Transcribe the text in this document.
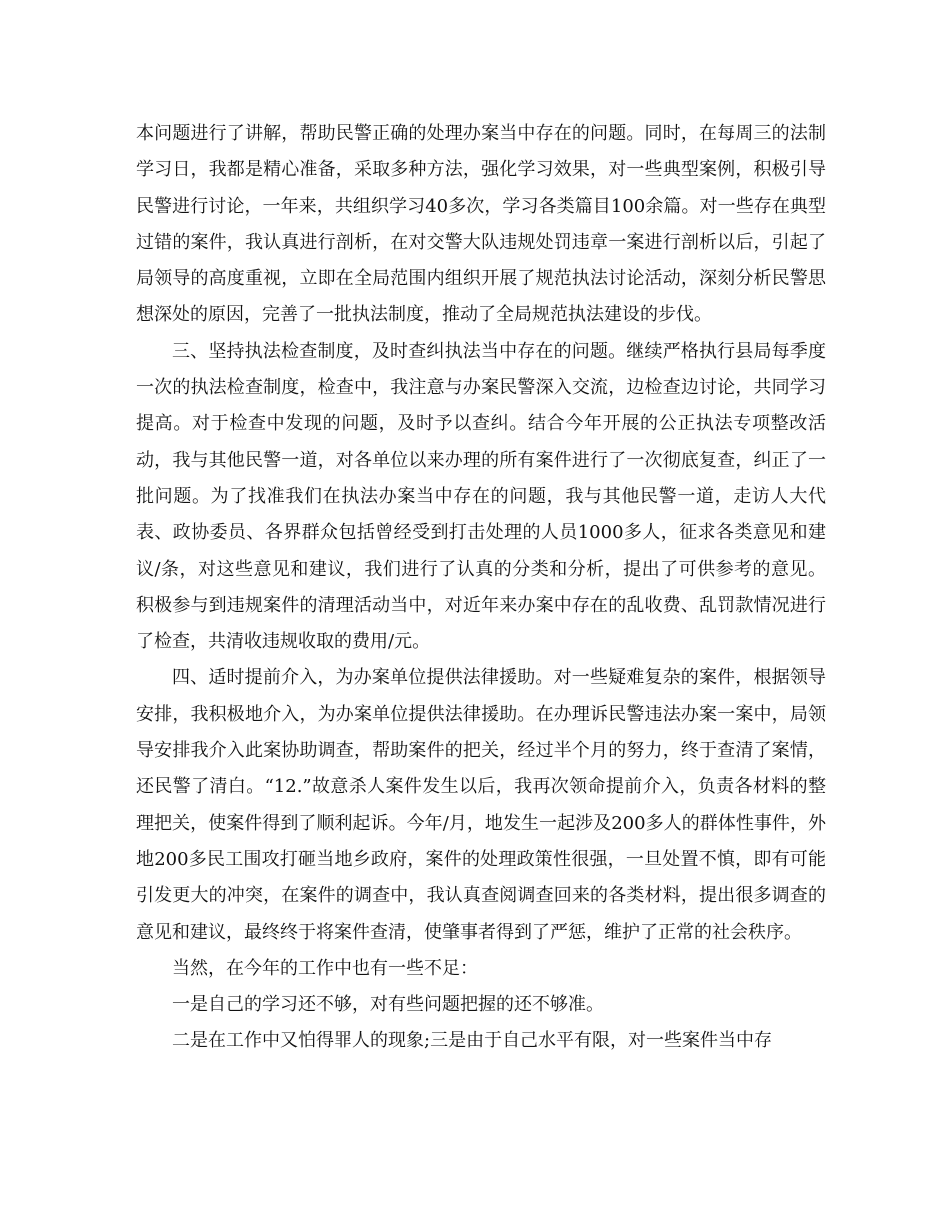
本问题进行了讲解，帮助民警正确的处理办案当中存在的问题。同时，在每周三的法制学习日，我都是精心准备，采取多种方法，强化学习效果，对一些典型案例，积极引导民警进行讨论，一年来，共组织学习40多次，学习各类篇目100余篇。对一些存在典型过错的案件，我认真进行剖析，在对交警大队违规处罚违章一案进行剖析以后，引起了局领导的高度重视，立即在全局范围内组织开展了规范执法讨论活动，深刻分析民警思想深处的原因，完善了一批执法制度，推动了全局规范执法建设的步伐。

三、坚持执法检查制度，及时查纠执法当中存在的问题。继续严格执行县局每季度一次的执法检查制度，检查中，我注意与办案民警深入交流，边检查边讨论，共同学习提高。对于检查中发现的问题，及时予以查纠。结合今年开展的公正执法专项整改活动，我与其他民警一道，对各单位以来办理的所有案件进行了一次彻底复查，纠正了一批问题。为了找准我们在执法办案当中存在的问题，我与其他民警一道，走访人大代表、政协委员、各界群众包括曾经受到打击处理的人员1000多人，征求各类意见和建议/条，对这些意见和建议，我们进行了认真的分类和分析，提出了可供参考的意见。积极参与到违规案件的清理活动当中，对近年来办案中存在的乱收费、乱罚款情况进行了检查，共清收违规收取的费用/元。

四、适时提前介入，为办案单位提供法律援助。对一些疑难复杂的案件，根据领导安排，我积极地介入，为办案单位提供法律援助。在办理诉民警违法办案一案中，局领导安排我介入此案协助调查，帮助案件的把关，经过半个月的努力，终于查清了案情，还民警了清白。“12.”故意杀人案件发生以后，我再次领命提前介入，负责各材料的整理把关，使案件得到了顺利起诉。今年/月，地发生一起涉及200多人的群体性事件，外地200多民工围攻打砸当地乡政府，案件的处理政策性很强，一旦处置不慎，即有可能引发更大的冲突，在案件的调查中，我认真查阅调查回来的各类材料，提出很多调查的意见和建议，最终终于将案件查清，使肇事者得到了严惩，维护了正常的社会秩序。

当然，在今年的工作中也有一些不足：

一是自己的学习还不够，对有些问题把握的还不够准。

二是在工作中又怕得罪人的现象;三是由于自己水平有限，对一些案件当中存
